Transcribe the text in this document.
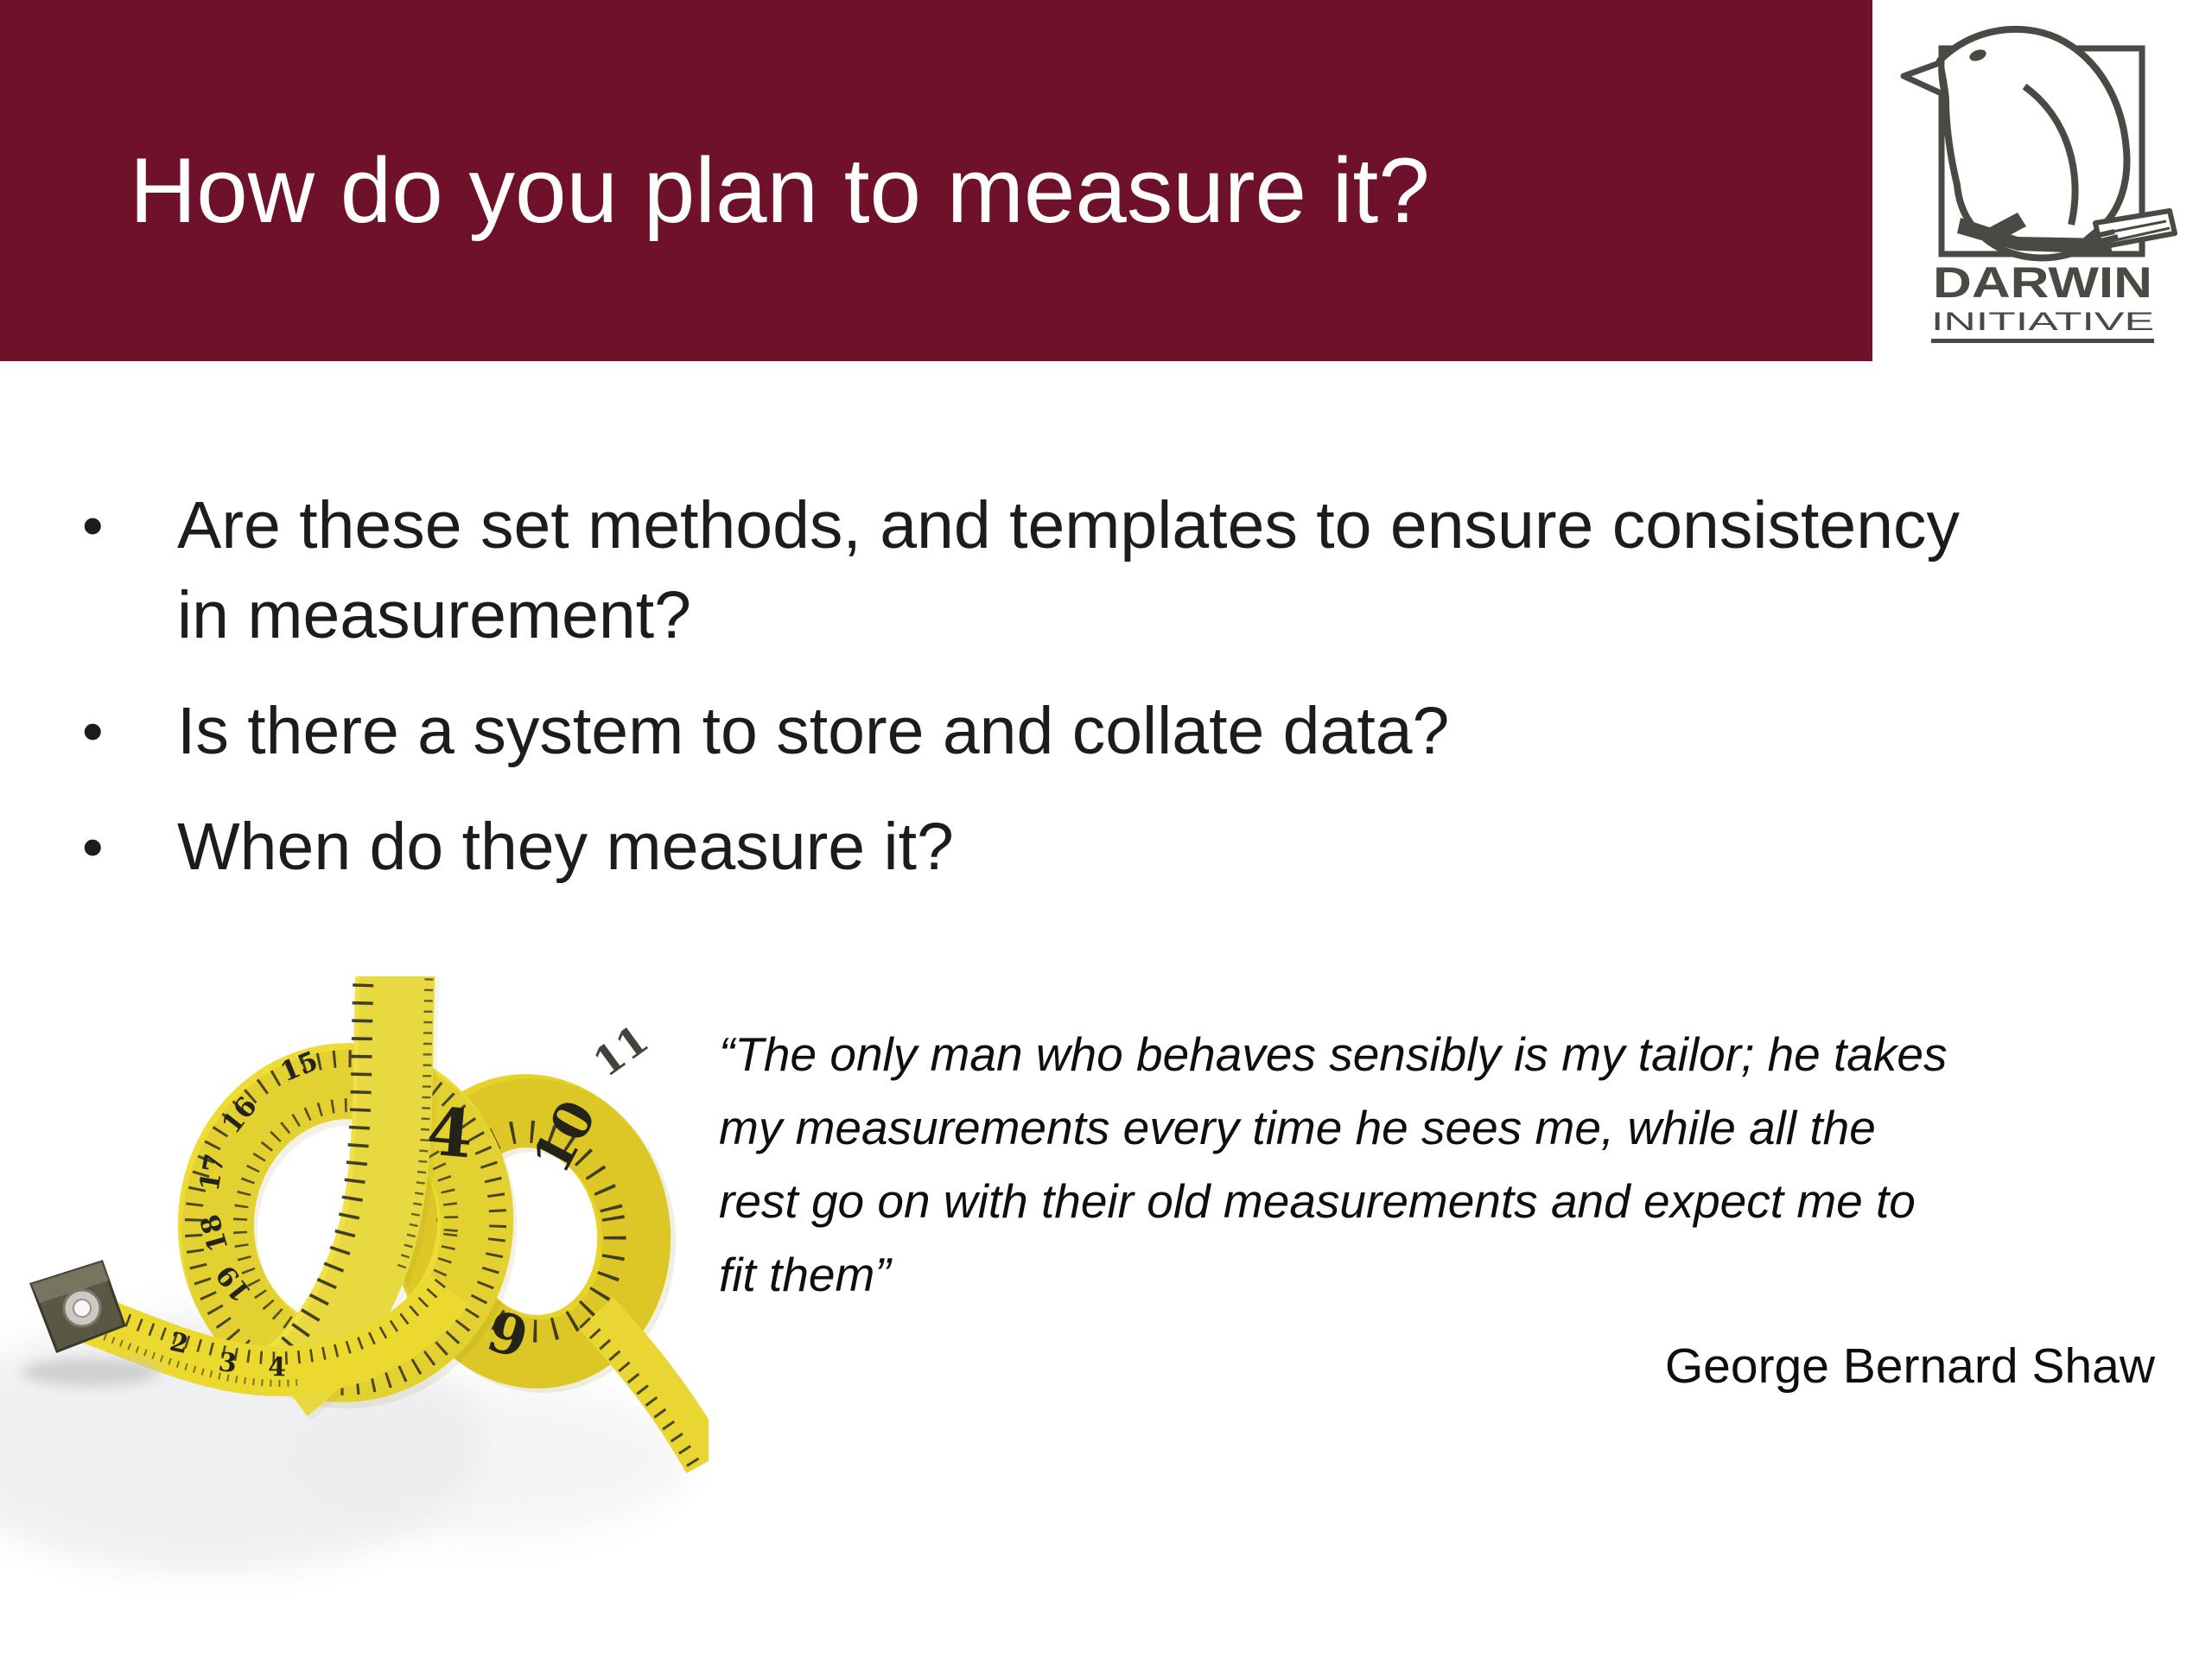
How do you plan to measure it?
DARWIN
INITIATIVE
• Are these set methods, and templates to ensure consistency
in measurement?
• Is there a system to store and collate data?
• When do they measure it?
10
9
11
15
16
17
18
19
4
2
3 4
“The only man who behaves sensibly is my tailor; he takes
my measurements every time he sees me, while all the
rest go on with their old measurements and expect me to
fit them”
George Bernard Shaw
